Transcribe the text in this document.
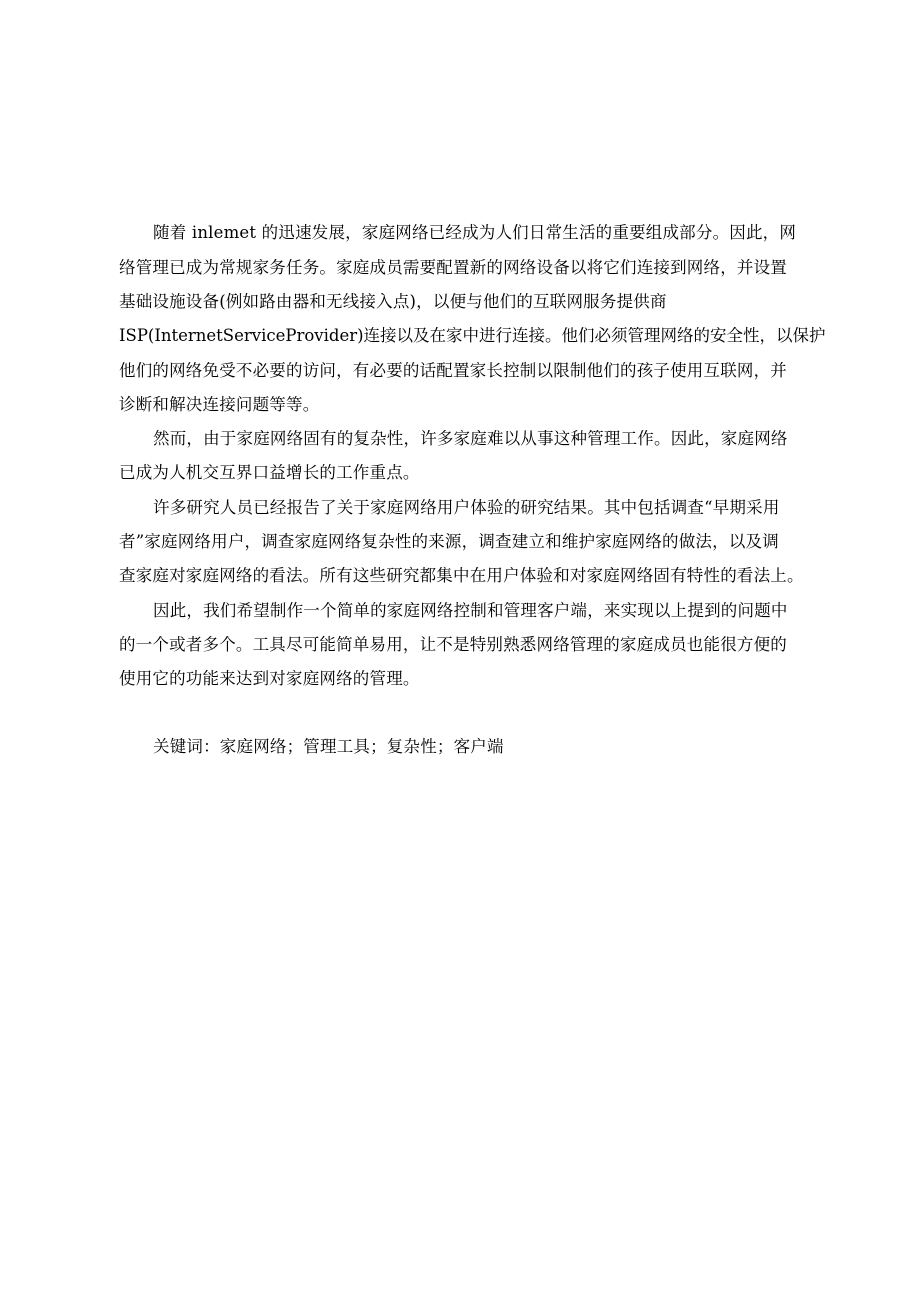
随着 inlemet 的迅速发展，家庭网络已经成为人们日常生活的重要组成部分。因此，网
络管理已成为常规家务任务。家庭成员需要配置新的网络设备以将它们连接到网络，并设置
基础设施设备(例如路由器和无线接入点)，以便与他们的互联网服务提供商
ISP(InternetServiceProvider)连接以及在家中进行连接。他们必须管理网络的安全性，以保护
他们的网络免受不必要的访问，有必要的话配置家长控制以限制他们的孩子使用互联网，并
诊断和解决连接问题等等。
然而，由于家庭网络固有的复杂性，许多家庭难以从事这种管理工作。因此，家庭网络
已成为人机交互界口益增长的工作重点。
许多研究人员已经报告了关于家庭网络用户体验的研究结果。其中包括调查“早期采用
者”家庭网络用户，调查家庭网络复杂性的来源，调查建立和维护家庭网络的做法，以及调
查家庭对家庭网络的看法。所有这些研究都集中在用户体验和对家庭网络固有特性的看法上。
因此，我们希望制作一个简单的家庭网络控制和管理客户端，来实现以上提到的问题中
的一个或者多个。工具尽可能简单易用，让不是特别熟悉网络管理的家庭成员也能很方便的
使用它的功能来达到对家庭网络的管理。
关键词：家庭网络；管理工具；复杂性；客户端
